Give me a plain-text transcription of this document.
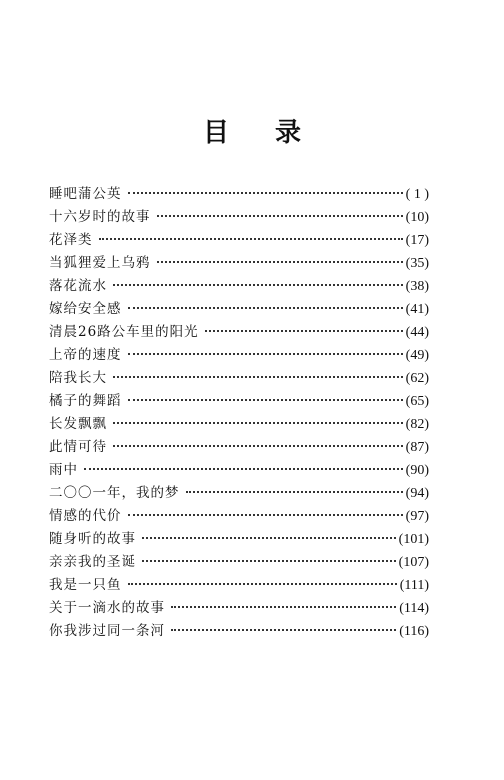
目 录
睡吧蒲公英	( 1 )
十六岁时的故事	(10)
花泽类	(17)
当狐狸爱上乌鸦	(35)
落花流水	(38)
嫁给安全感	(41)
清晨26路公车里的阳光	(44)
上帝的速度	(49)
陪我长大	(62)
橘子的舞蹈	(65)
长发飘飘	(82)
此情可待	(87)
雨中	(90)
二〇〇一年，我的梦	(94)
情感的代价	(97)
随身听的故事	(101)
亲亲我的圣诞	(107)
我是一只鱼	(111)
关于一滴水的故事	(114)
你我涉过同一条河	(116)
